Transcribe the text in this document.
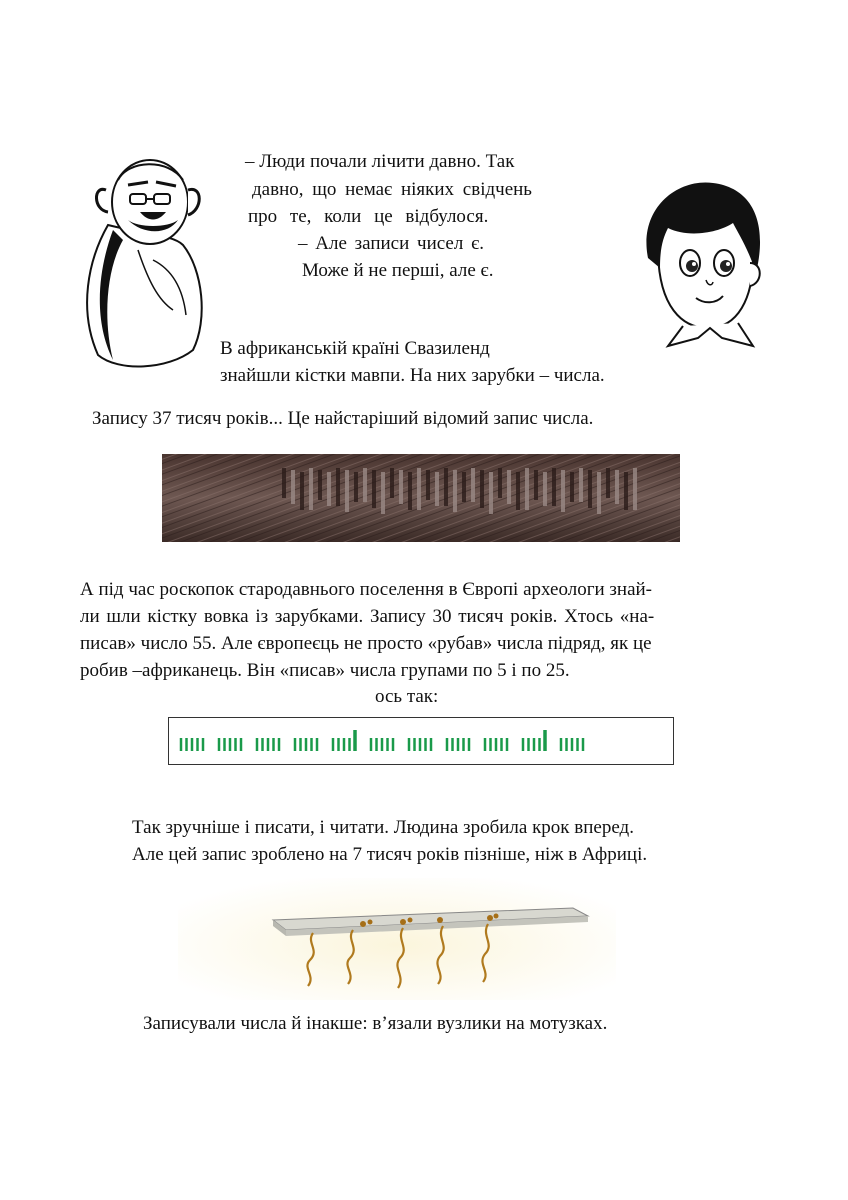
– Люди почали лічити давно. Так
давно, що немає ніяких свідчень
про те, коли це відбулося.
– Але записи чисел є.
Може й не перші, але є.
В африканській країні Свазиленд
знайшли кістки мавпи. На них зарубки – числа.
Запису 37 тисяч років... Це найстаріший відомий запис числа.
А під час роскопок стародавнього поселення в Європі археологи знай-
ли шли кістку вовка із зарубками. Запису 30 тисяч років. Хтось «на-
писав» число 55. Але європеєць не просто «рубав» числа підряд, як це
робив –африканець. Він «писав» числа групами по 5 і по 25.
ось так:
Так зручніше і писати, і читати. Людина зробила крок вперед.
Але цей запис зроблено на 7 тисяч років пізніше, ніж в Африці.
Записували числа й інакше: в’язали вузлики на мотузках.
